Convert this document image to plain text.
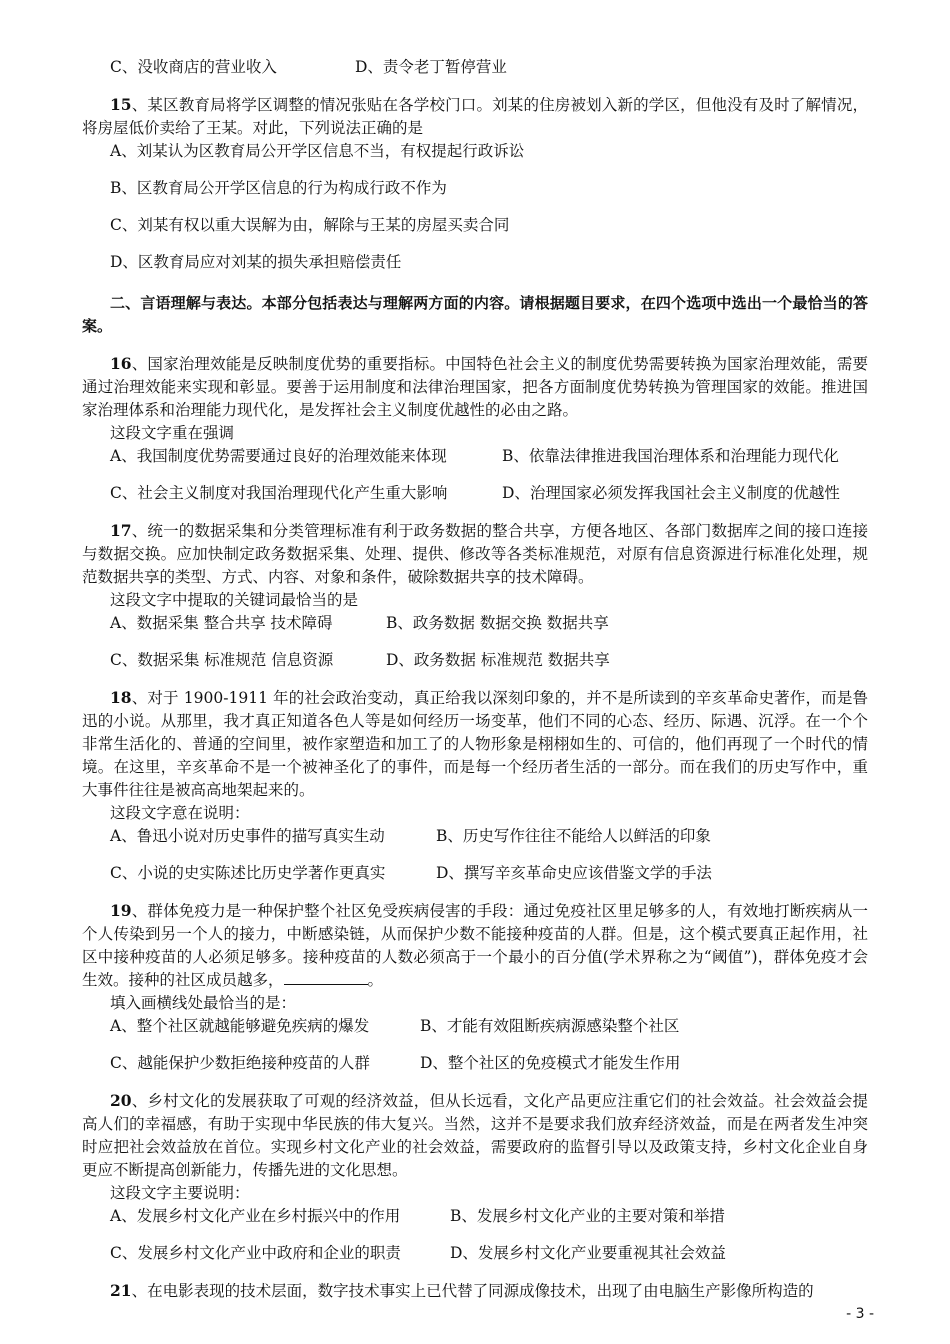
C、没收商店的营业收入	D、责令老丁暂停营业
15、某区教育局将学区调整的情况张贴在各学校门口。刘某的住房被划入新的学区，但他没有及时了解情况，将房屋低价卖给了王某。对此，下列说法正确的是
A、刘某认为区教育局公开学区信息不当，有权提起行政诉讼
B、区教育局公开学区信息的行为构成行政不作为
C、刘某有权以重大误解为由，解除与王某的房屋买卖合同
D、区教育局应对刘某的损失承担赔偿责任
二、言语理解与表达。本部分包括表达与理解两方面的内容。请根据题目要求，在四个选项中选出一个最恰当的答案。
16、国家治理效能是反映制度优势的重要指标。中国特色社会主义的制度优势需要转换为国家治理效能，需要通过治理效能来实现和彰显。要善于运用制度和法律治理国家，把各方面制度优势转换为管理国家的效能。推进国家治理体系和治理能力现代化，是发挥社会主义制度优越性的必由之路。
这段文字重在强调
A、我国制度优势需要通过良好的治理效能来体现	B、依靠法律推进我国治理体系和治理能力现代化
C、社会主义制度对我国治理现代化产生重大影响	D、治理国家必须发挥我国社会主义制度的优越性
17、统一的数据采集和分类管理标准有利于政务数据的整合共享，方便各地区、各部门数据库之间的接口连接与数据交换。应加快制定政务数据采集、处理、提供、修改等各类标准规范，对原有信息资源进行标准化处理，规范数据共享的类型、方式、内容、对象和条件，破除数据共享的技术障碍。
这段文字中提取的关键词最恰当的是
A、数据采集 整合共享 技术障碍	B、政务数据 数据交换 数据共享
C、数据采集 标准规范 信息资源	D、政务数据 标准规范 数据共享
18、对于 1900-1911 年的社会政治变动，真正给我以深刻印象的，并不是所读到的辛亥革命史著作，而是鲁迅的小说。从那里，我才真正知道各色人等是如何经历一场变革，他们不同的心态、经历、际遇、沉浮。在一个个非常生活化的、普通的空间里，被作家塑造和加工了的人物形象是栩栩如生的、可信的，他们再现了一个时代的情境。在这里，辛亥革命不是一个被神圣化了的事件，而是每一个经历者生活的一部分。而在我们的历史写作中，重大事件往往是被高高地架起来的。
这段文字意在说明：
A、鲁迅小说对历史事件的描写真实生动	B、历史写作往往不能给人以鲜活的印象
C、小说的史实陈述比历史学著作更真实	D、撰写辛亥革命史应该借鉴文学的手法
19、群体免疫力是一种保护整个社区免受疾病侵害的手段：通过免疫社区里足够多的人，有效地打断疾病从一个人传染到另一个人的接力，中断感染链，从而保护少数不能接种疫苗的人群。但是，这个模式要真正起作用，社区中接种疫苗的人必须足够多。接种疫苗的人数必须高于一个最小的百分值(学术界称之为“阈值”)，群体免疫才会生效。接种的社区成员越多，	。
填入画横线处最恰当的是：
A、整个社区就越能够避免疾病的爆发	B、才能有效阻断疾病源感染整个社区
C、越能保护少数拒绝接种疫苗的人群	D、整个社区的免疫模式才能发生作用
20、乡村文化的发展获取了可观的经济效益，但从长远看，文化产品更应注重它们的社会效益。社会效益会提高人们的幸福感，有助于实现中华民族的伟大复兴。当然，这并不是要求我们放弃经济效益，而是在两者发生冲突时应把社会效益放在首位。实现乡村文化产业的社会效益，需要政府的监督引导以及政策支持，乡村文化企业自身更应不断提高创新能力，传播先进的文化思想。
这段文字主要说明：
A、发展乡村文化产业在乡村振兴中的作用	B、发展乡村文化产业的主要对策和举措
C、发展乡村文化产业中政府和企业的职责	D、发展乡村文化产业要重视其社会效益
21、在电影表现的技术层面，数字技术事实上已代替了同源成像技术，出现了由电脑生产影像所构造的
- 3 -
